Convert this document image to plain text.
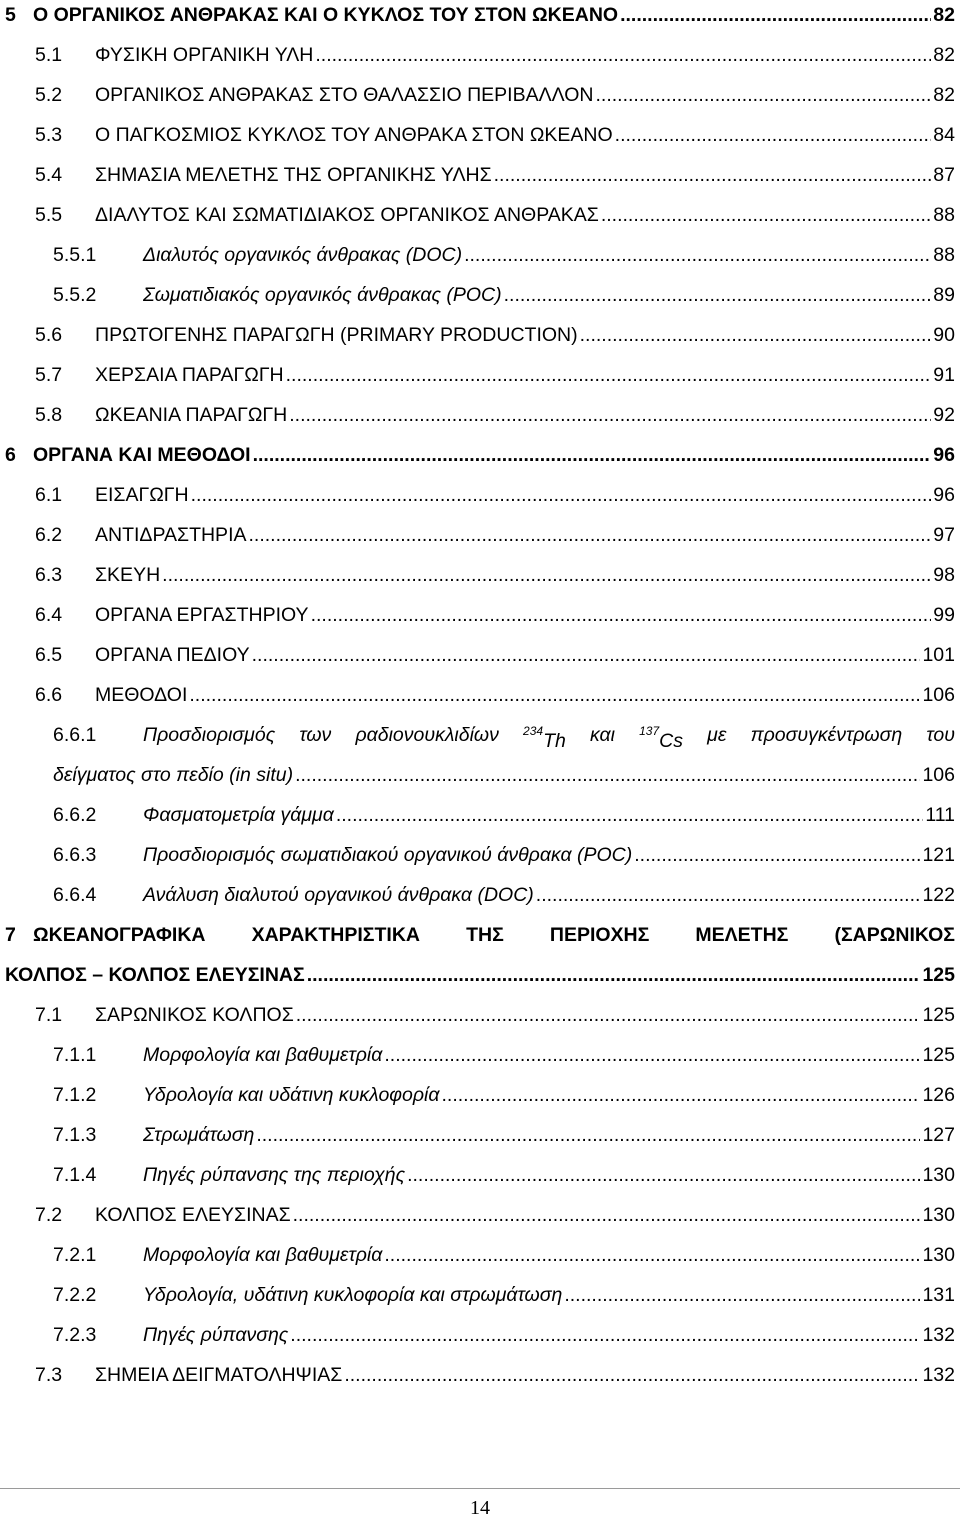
5 Ο ΟΡΓΑΝΙΚΟΣ ΑΝΘΡΑΚΑΣ ΚΑΙ Ο ΚΥΚΛΟΣ ΤΟΥ ΣΤΟΝ ΩΚΕΑΝΟ .....	82
5.1 ΦΥΣΙΚΗ ΟΡΓΑΝΙΚΗ ΥΛΗ .....	82
5.2 ΟΡΓΑΝΙΚΟΣ ΑΝΘΡΑΚΑΣ ΣΤΟ ΘΑΛΑΣΣΙΟ ΠΕΡΙΒΑΛΛΟΝ .....	82
5.3 Ο ΠΑΓΚΟΣΜΙΟΣ ΚΥΚΛΟΣ ΤΟΥ ΑΝΘΡΑΚΑ ΣΤΟΝ ΩΚΕΑΝΟ .....	84
5.4 ΣΗΜΑΣΙΑ ΜΕΛΕΤΗΣ ΤΗΣ ΟΡΓΑΝΙΚΗΣ ΥΛΗΣ .....	87
5.5 ΔΙΑΛΥΤΟΣ ΚΑΙ ΣΩΜΑΤΙΔΙΑΚΟΣ ΟΡΓΑΝΙΚΟΣ ΑΝΘΡΑΚΑΣ .....	88
5.5.1 Διαλυτός οργανικός άνθρακας (DOC) .....	88
5.5.2 Σωματιδιακός οργανικός άνθρακας (POC) .....	89
5.6 ΠΡΩΤΟΓΕΝΗΣ ΠΑΡΑΓΩΓΗ (PRIMARY PRODUCTION) .....	90
5.7 ΧΕΡΣΑΙΑ ΠΑΡΑΓΩΓΗ .....	91
5.8 ΩΚΕΑΝΙΑ ΠΑΡΑΓΩΓΗ .....	92
6 ΟΡΓΑΝΑ ΚΑΙ ΜΕΘΟΔΟΙ .....	96
6.1 ΕΙΣΑΓΩΓΗ .....	96
6.2 ΑΝΤΙΔΡΑΣΤΗΡΙΑ .....	97
6.3 ΣΚΕΥΗ .....	98
6.4 ΟΡΓΑΝΑ ΕΡΓΑΣΤΗΡΙΟΥ .....	99
6.5 ΟΡΓΑΝΑ ΠΕΔΙΟΥ .....	101
6.6 ΜΕΘΟΔΟΙ .....	106
6.6.1 Προσδιορισμός των ραδιονουκλιδίων $^{234}$Th και $^{137}$Cs με προσυγκέντρωση του
δείγματος στο πεδίο (in situ) .....	106
6.6.2 Φασματομετρία γάμμα .....	111
6.6.3 Προσδιορισμός σωματιδιακού οργανικού άνθρακα (POC) .....	121
6.6.4 Ανάλυση διαλυτού οργανικού άνθρακα (DOC) .....	122
7 ΩΚΕΑΝΟΓΡΑΦΙΚΑ ΧΑΡΑΚΤΗΡΙΣΤΙΚΑ ΤΗΣ ΠΕΡΙΟΧΗΣ ΜΕΛΕΤΗΣ (ΣΑΡΩΝΙΚΟΣ
ΚΟΛΠΟΣ – ΚΟΛΠΟΣ ΕΛΕΥΣΙΝΑΣ .....	125
7.1 ΣΑΡΩΝΙΚΟΣ ΚΟΛΠΟΣ .....	125
7.1.1 Μορφολογία και βαθυμετρία .....	125
7.1.2 Υδρολογία και υδάτινη κυκλοφορία .....	126
7.1.3 Στρωμάτωση .....	127
7.1.4 Πηγές ρύπανσης της περιοχής .....	130
7.2 ΚΟΛΠΟΣ ΕΛΕΥΣΙΝΑΣ .....	130
7.2.1 Μορφολογία και βαθυμετρία .....	130
7.2.2 Υδρολογία, υδάτινη κυκλοφορία και στρωμάτωση .....	131
7.2.3 Πηγές ρύπανσης .....	132
7.3 ΣΗΜΕΙΑ ΔΕΙΓΜΑΤΟΛΗΨΙΑΣ .....	132
14
